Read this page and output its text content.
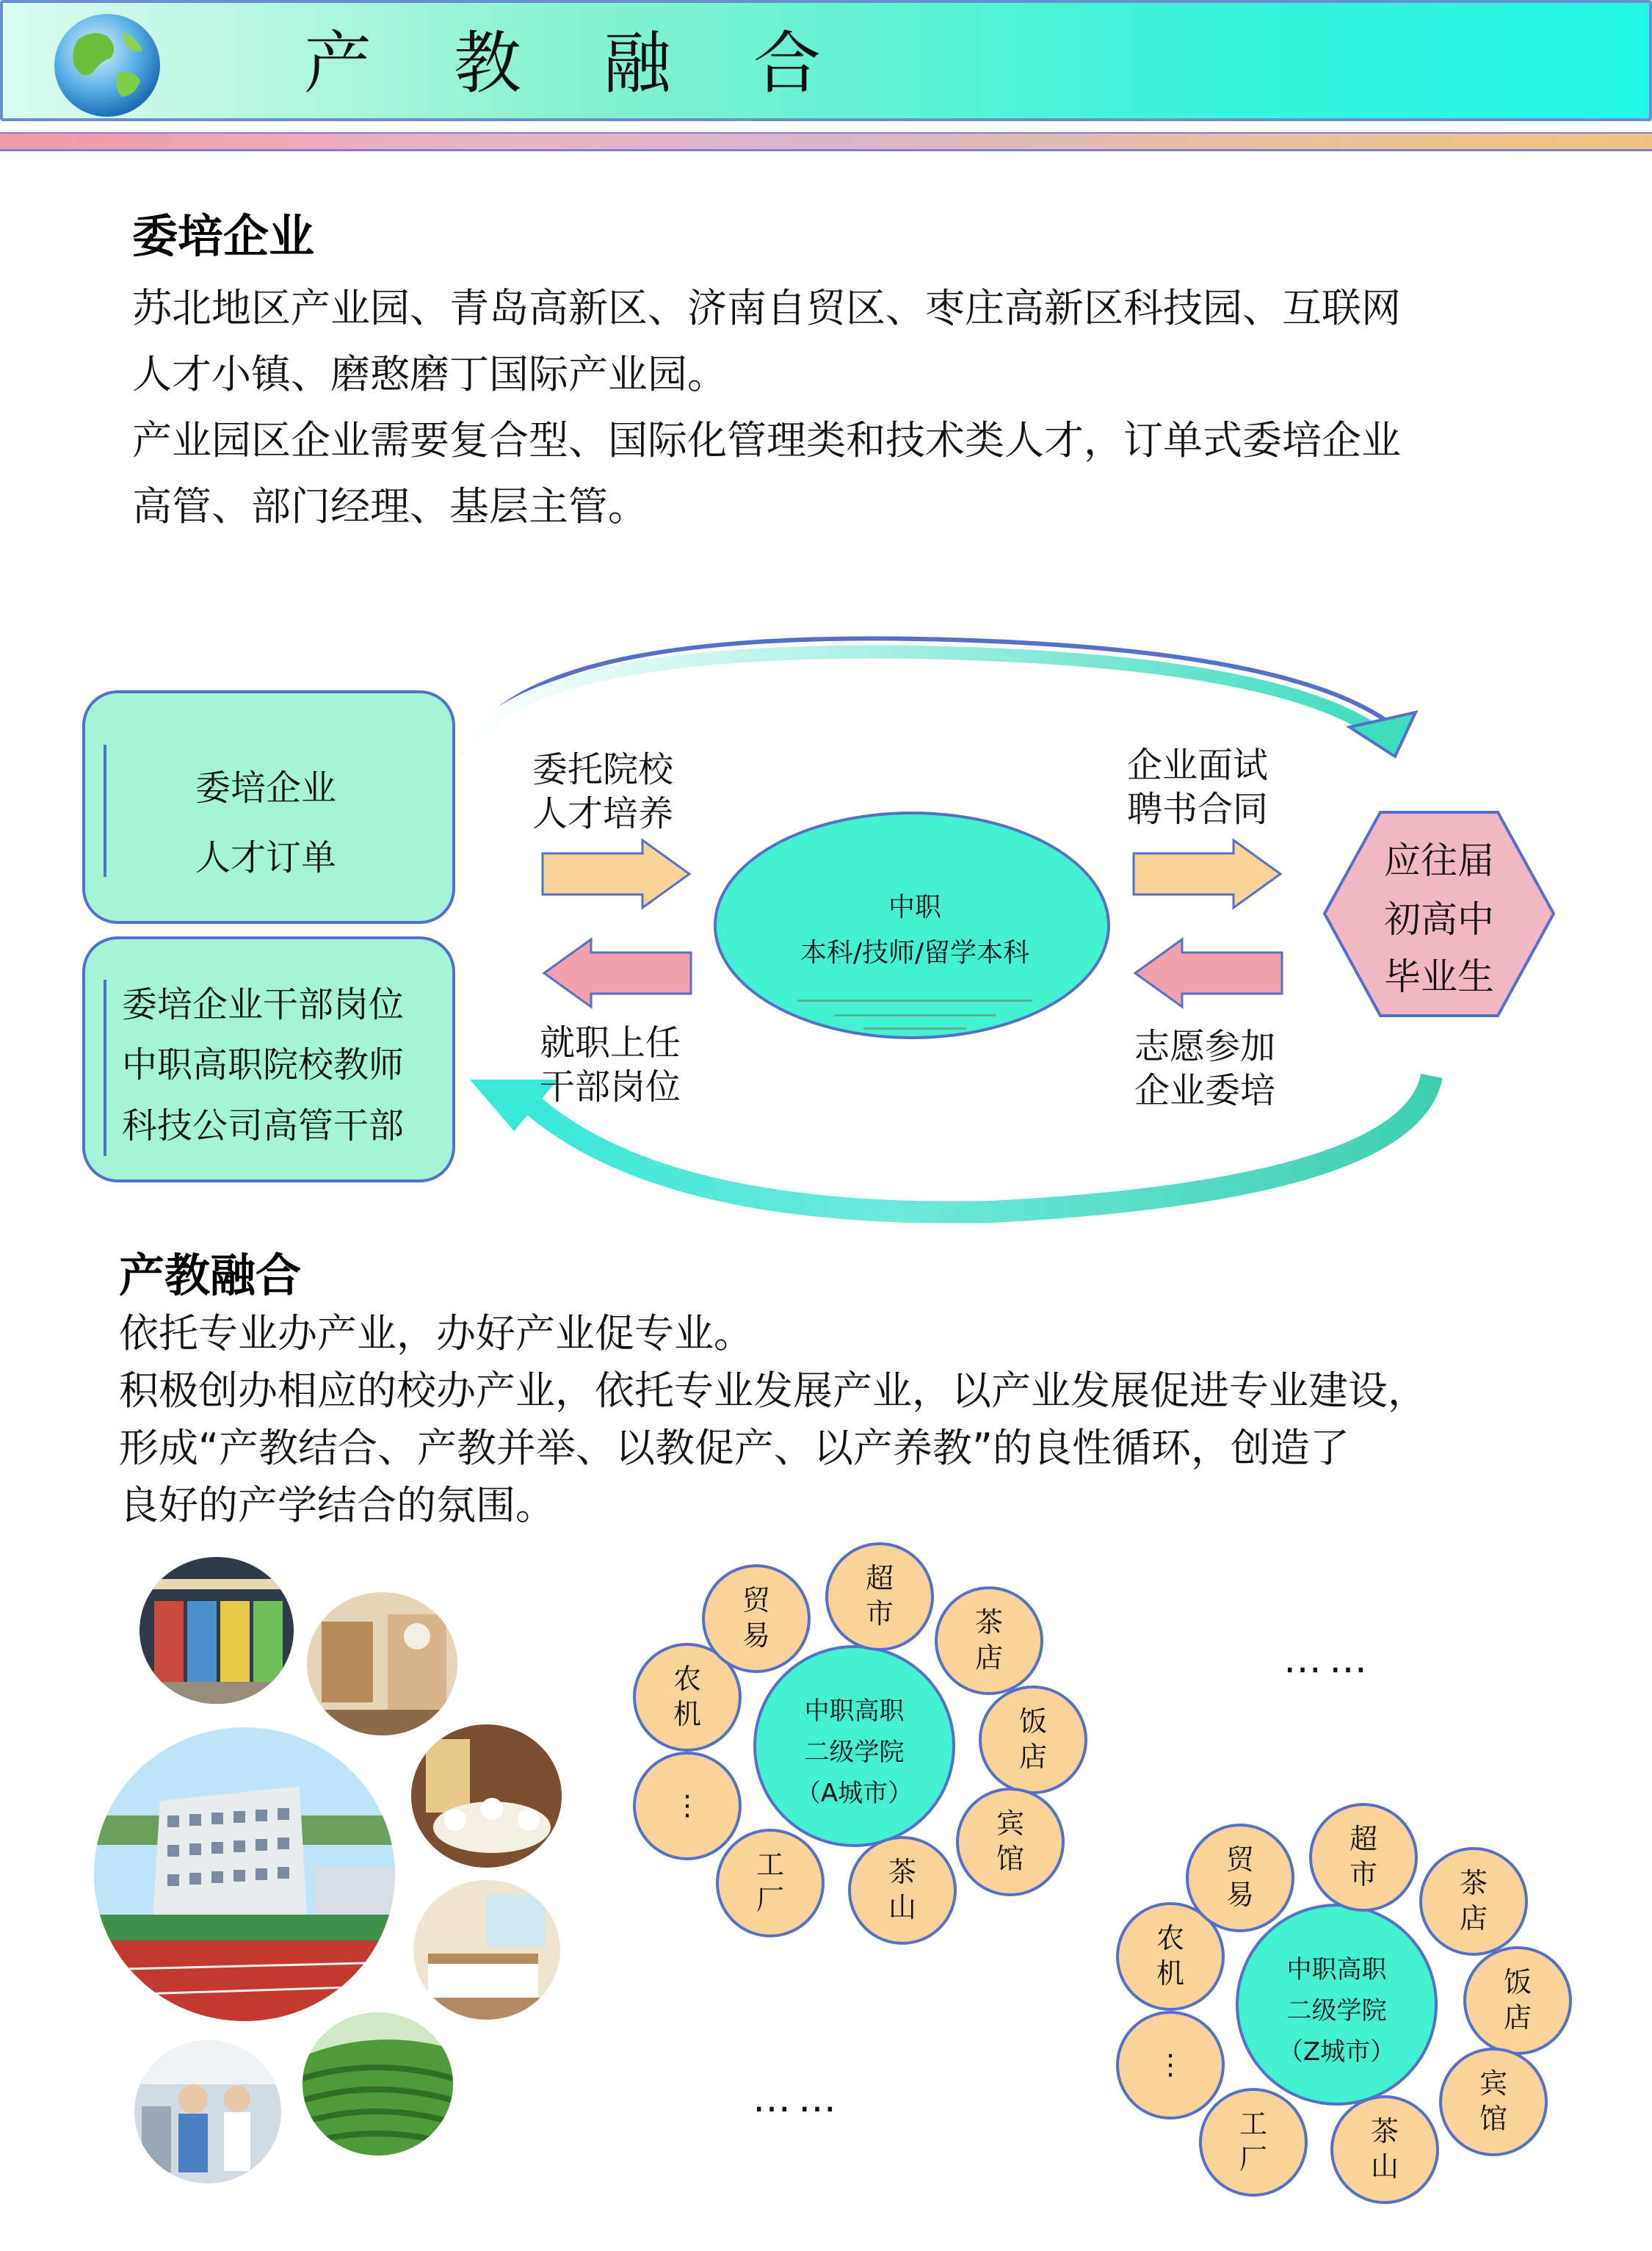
产教融合
委培企业
苏北地区产业园、青岛高新区、济南自贸区、枣庄高新区科技园、互联网
人才小镇、磨憨磨丁国际产业园。
产业园区企业需要复合型、国际化管理类和技术类人才，订单式委培企业
高管、部门经理、基层主管。
委培企业
人才订单
委培企业干部岗位
中职高职院校教师
科技公司高管干部
委托院校
人才培养
企业面试
聘书合同
就职上任
干部岗位
志愿参加
企业委培
中职
本科/技师/留学本科
应往届
初高中
毕业生
产教融合
依托专业办产业，办好产业促专业。
积极创办相应的校办产业，依托专业发展产业，以产业发展促进专业建设，
形成“产教结合、产教并举、以教促产、以产养教”的良性循环，创造了
良好的产学结合的氛围。
中职高职
二级学院
（A城市）
超
市	茶
店
饭
店
宾
馆
茶
山
工
厂
⋮
农
机
贸
易
中职高职
二级学院
（Z城市）
超
市	茶
店
饭
店
宾
馆
茶
山
工
厂
⋮
农
机
贸
易
……
……
